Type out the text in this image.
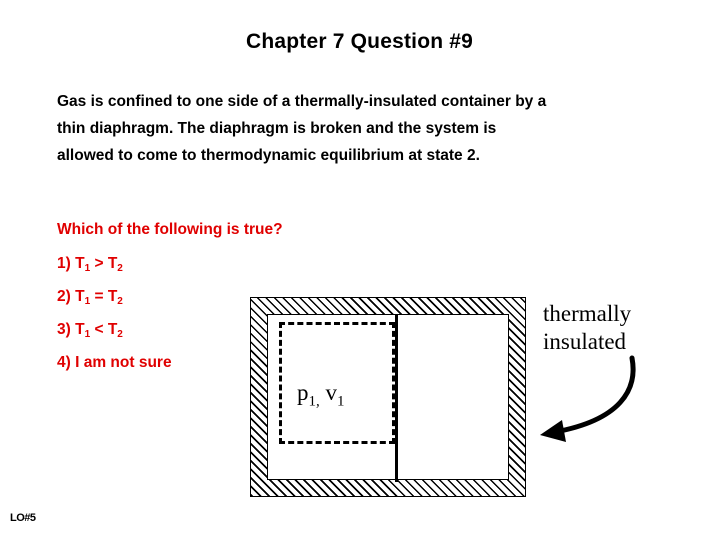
Chapter 7 Question #9
Gas is confined to one side of a thermally-insulated container by a
thin diaphragm. The diaphragm is broken and the system is
allowed to come to thermodynamic equilibrium at state 2.
Which of the following is true?
1) $T_1 > T_2$
2) $T_1 = T_2$
3) $T_1 < T_2$
4) I am not sure
$p_{1,}$ $v_1$
thermally
insulated
LO#5
